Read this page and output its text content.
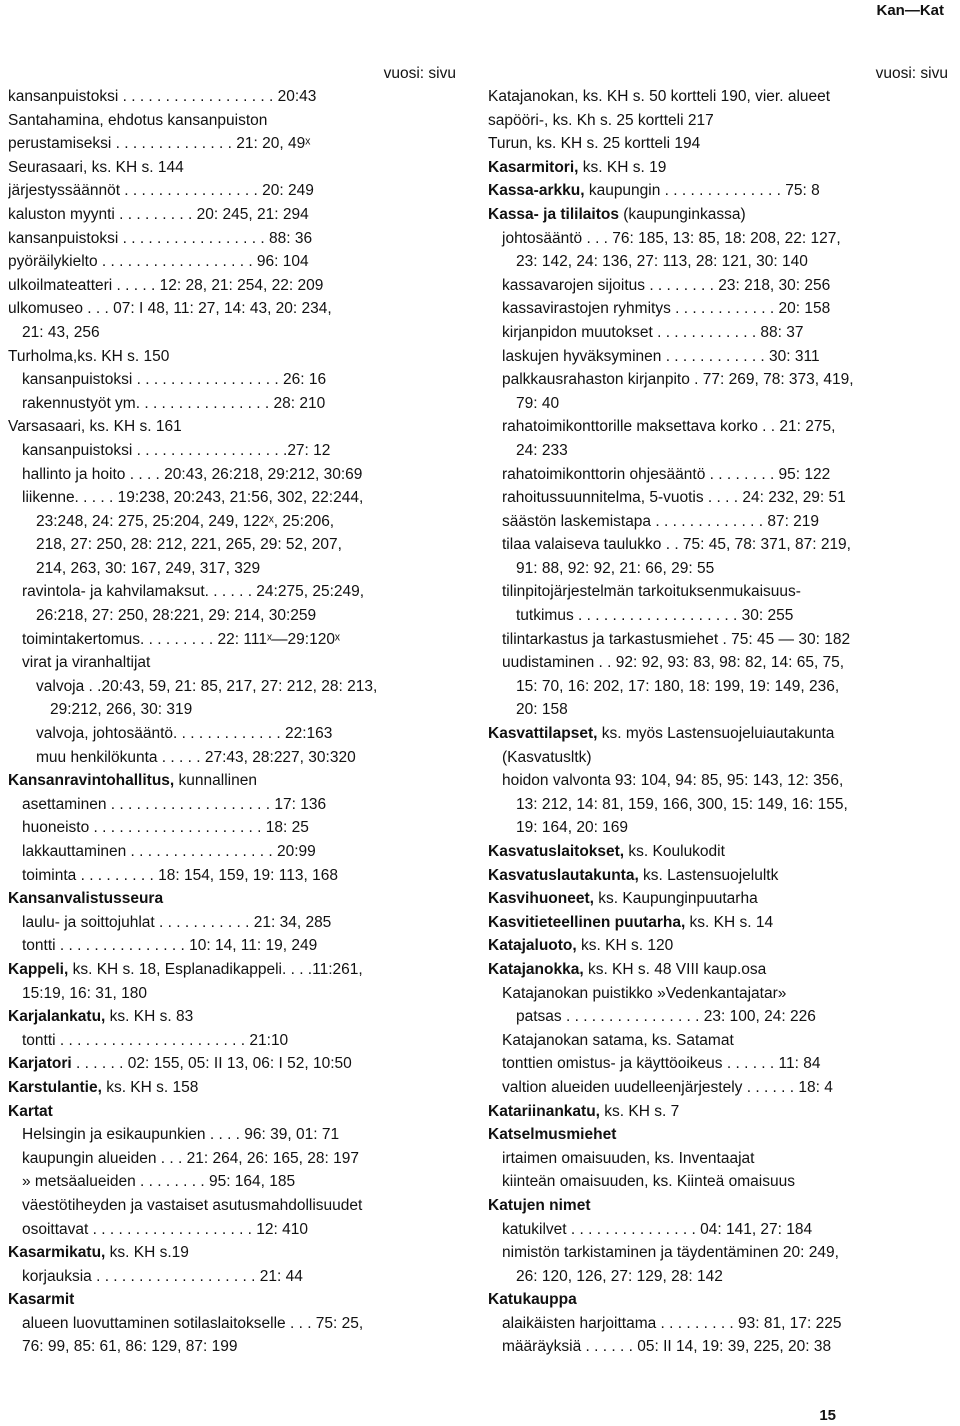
Kan—Kat
vuosi: sivu
kansanpuistoksi . . . . . . . . . . . . . . . . . . 20:43
Santahamina, ehdotus kansanpuiston
perustamiseksi . . . . . . . . . . . . . . 21: 20, 49ˣ
Seurasaari, ks. KH s. 144
järjestyssäännöt . . . . . . . . . . . . . . . . 20: 249
kaluston myynti . . . . . . . . . 20: 245, 21: 294
kansanpuistoksi . . . . . . . . . . . . . . . . . 88: 36
pyöräilykielto . . . . . . . . . . . . . . . . . . 96: 104
ulkoilmateatteri . . . . . 12: 28, 21: 254, 22: 209
ulkomuseo . . . 07: I 48, 11: 27, 14: 43, 20: 234,
21: 43, 256
Turholma,ks. KH s. 150
kansanpuistoksi . . . . . . . . . . . . . . . . . 26: 16
rakennustyöt ym. . . . . . . . . . . . . . . . 28: 210
Varsasaari, ks. KH s. 161
kansanpuistoksi . . . . . . . . . . . . . . . . . .27: 12
hallinto ja hoito . . . . 20:43, 26:218, 29:212, 30:69
liikenne. . . . . 19:238, 20:243, 21:56, 302, 22:244,
23:248, 24: 275, 25:204, 249, 122ˣ, 25:206,
218, 27: 250, 28: 212, 221, 265, 29: 52, 207,
214, 263, 30: 167, 249, 317, 329
ravintola- ja kahvilamaksut. . . . . . 24:275, 25:249,
26:218, 27: 250, 28:221, 29: 214, 30:259
toimintakertomus. . . . . . . . . 22: 111ˣ—29:120ˣ
virat ja viranhaltijat
valvoja . .20:43, 59, 21: 85, 217, 27: 212, 28: 213,
29:212, 266, 30: 319
valvoja, johtosääntö. . . . . . . . . . . . . 22:163
muu henkilökunta . . . . . 27:43, 28:227, 30:320
Kansanravintohallitus, kunnallinen
asettaminen . . . . . . . . . . . . . . . . . . . 17: 136
huoneisto . . . . . . . . . . . . . . . . . . . . 18: 25
lakkauttaminen . . . . . . . . . . . . . . . . . 20:99
toiminta . . . . . . . . . 18: 154, 159, 19: 113, 168
Kansanvalistusseura
laulu- ja soittojuhlat . . . . . . . . . . . 21: 34, 285
tontti . . . . . . . . . . . . . . . 10: 14, 11: 19, 249
Kappeli, ks. KH s. 18, Esplanadikappeli. . . .11:261,
15:19, 16: 31, 180
Karjalankatu, ks. KH s. 83
tontti . . . . . . . . . . . . . . . . . . . . . . 21:10
Karjatori . . . . . . 02: 155, 05: II 13, 06: I 52, 10:50
Karstulantie, ks. KH s. 158
Kartat
Helsingin ja esikaupunkien . . . . 96: 39, 01: 71
kaupungin alueiden . . . 21: 264, 26: 165, 28: 197
» metsäalueiden . . . . . . . . 95: 164, 185
väestötiheyden ja vastaiset asutusmahdollisuudet
osoittavat . . . . . . . . . . . . . . . . . . . 12: 410
Kasarmikatu, ks. KH s.19
korjauksia . . . . . . . . . . . . . . . . . . . 21: 44
Kasarmit
alueen luovuttaminen sotilaslaitokselle . . . 75: 25,
76: 99, 85: 61, 86: 129, 87: 199
vuosi: sivu
Katajanokan, ks. KH s. 50 kortteli 190, vier. alueet
sapööri-, ks. Kh s. 25 kortteli 217
Turun, ks. KH s. 25 kortteli 194
Kasarmitori, ks. KH s. 19
Kassa-arkku, kaupungin . . . . . . . . . . . . . . 75: 8
Kassa- ja tililaitos (kaupunginkassa)
johtosääntö . . . 76: 185, 13: 85, 18: 208, 22: 127,
23: 142, 24: 136, 27: 113, 28: 121, 30: 140
kassavarojen sijoitus . . . . . . . . 23: 218, 30: 256
kassavirastojen ryhmitys . . . . . . . . . . . . 20: 158
kirjanpidon muutokset . . . . . . . . . . . . 88: 37
laskujen hyväksyminen . . . . . . . . . . . . 30: 311
palkkausrahaston kirjanpito . 77: 269, 78: 373, 419,
79: 40
rahatoimikonttorille maksettava korko . . 21: 275,
24: 233
rahatoimikonttorin ohjesääntö . . . . . . . . 95: 122
rahoitussuunnitelma, 5-vuotis . . . . 24: 232, 29: 51
säästön laskemistapa . . . . . . . . . . . . . 87: 219
tilaa valaiseva taulukko . . 75: 45, 78: 371, 87: 219,
91: 88, 92: 92, 21: 66, 29: 55
tilinpitojärjestelmän tarkoituksenmukaisuus-
tutkimus . . . . . . . . . . . . . . . . . . . 30: 255
tilintarkastus ja tarkastusmiehet . 75: 45 — 30: 182
uudistaminen . . 92: 92, 93: 83, 98: 82, 14: 65, 75,
15: 70, 16: 202, 17: 180, 18: 199, 19: 149, 236,
20: 158
Kasvattilapset, ks. myös Lastensuojeluiautakunta
(Kasvatusltk)
hoidon valvonta 93: 104, 94: 85, 95: 143, 12: 356,
13: 212, 14: 81, 159, 166, 300, 15: 149, 16: 155,
19: 164, 20: 169
Kasvatuslaitokset, ks. Koulukodit
Kasvatuslautakunta, ks. Lastensuojelultk
Kasvihuoneet, ks. Kaupunginpuutarha
Kasvitieteellinen puutarha, ks. KH s. 14
Katajaluoto, ks. KH s. 120
Katajanokka, ks. KH s. 48 VIII kaup.osa
Katajanokan puistikko »Vedenkantajatar»
patsas . . . . . . . . . . . . . . . . 23: 100, 24: 226
Katajanokan satama, ks. Satamat
tonttien omistus- ja käyttöoikeus . . . . . . 11: 84
valtion alueiden uudelleenjärjestely . . . . . . 18: 4
Katariinankatu, ks. KH s. 7
Katselmusmiehet
irtaimen omaisuuden, ks. Inventaajat
kiinteän omaisuuden, ks. Kiinteä omaisuus
Katujen nimet
katukilvet . . . . . . . . . . . . . . . 04: 141, 27: 184
nimistön tarkistaminen ja täydentäminen 20: 249,
26: 120, 126, 27: 129, 28: 142
Katukauppa
alaikäisten harjoittama . . . . . . . . . 93: 81, 17: 225
määräyksiä . . . . . . 05: II 14, 19: 39, 225, 20: 38
15
